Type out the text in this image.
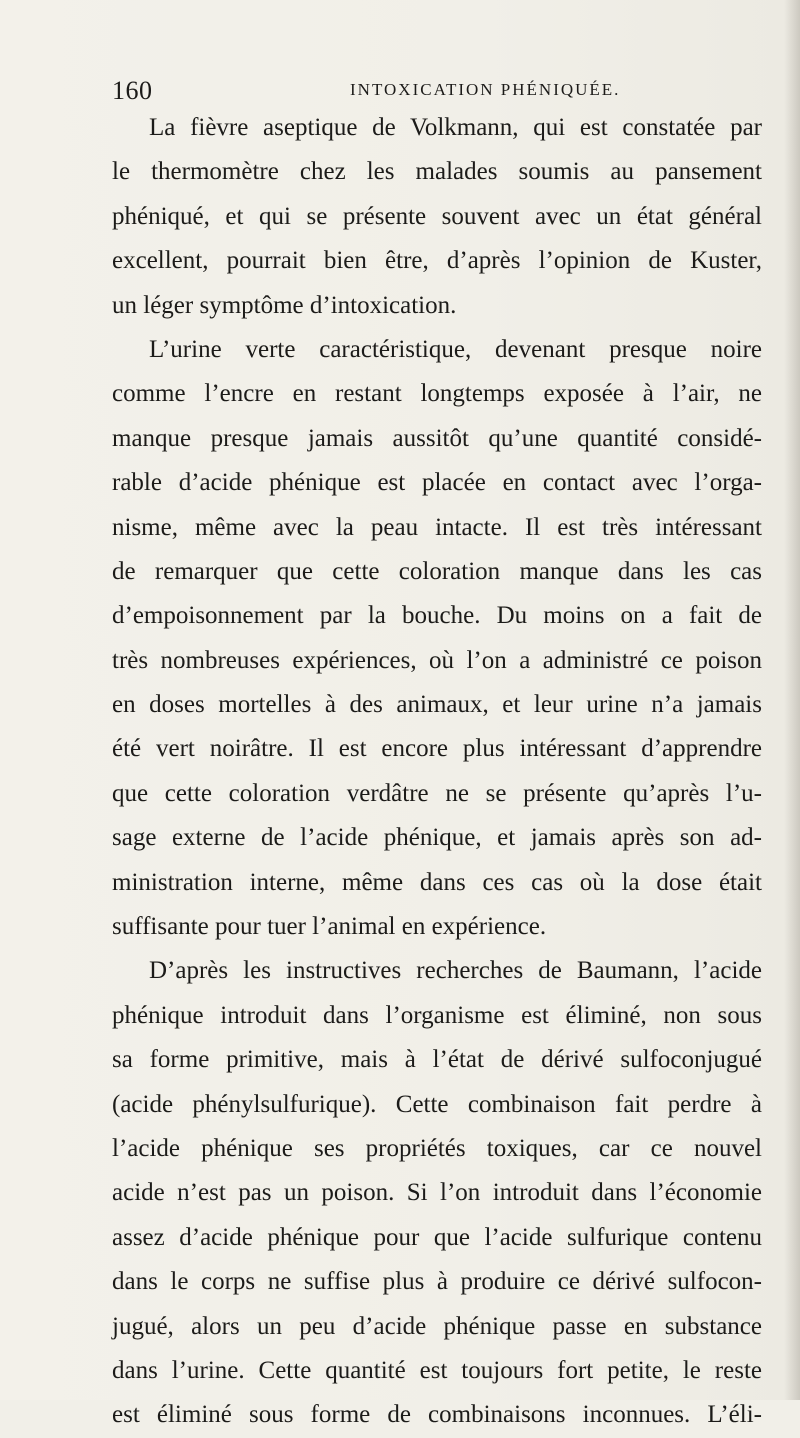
160	INTOXICATION PHÉNIQUÉE.
La fièvre aseptique de Volkmann, qui est constatée par
le thermomètre chez les malades soumis au pansement
phéniqué, et qui se présente souvent avec un état général
excellent, pourrait bien être, d’après l’opinion de Kuster,
un léger symptôme d’intoxication.
L’urine verte caractéristique, devenant presque noire
comme l’encre en restant longtemps exposée à l’air, ne
manque presque jamais aussitôt qu’une quantité considé-
rable d’acide phénique est placée en contact avec l’orga-
nisme, même avec la peau intacte. Il est très intéressant
de remarquer que cette coloration manque dans les cas
d’empoisonnement par la bouche. Du moins on a fait de
très nombreuses expériences, où l’on a administré ce poison
en doses mortelles à des animaux, et leur urine n’a jamais
été vert noirâtre. Il est encore plus intéressant d’apprendre
que cette coloration verdâtre ne se présente qu’après l’u-
sage externe de l’acide phénique, et jamais après son ad-
ministration interne, même dans ces cas où la dose était
suffisante pour tuer l’animal en expérience.
D’après les instructives recherches de Baumann, l’acide
phénique introduit dans l’organisme est éliminé, non sous
sa forme primitive, mais à l’état de dérivé sulfoconjugué
(acide phénylsulfurique). Cette combinaison fait perdre à
l’acide phénique ses propriétés toxiques, car ce nouvel
acide n’est pas un poison. Si l’on introduit dans l’économie
assez d’acide phénique pour que l’acide sulfurique contenu
dans le corps ne suffise plus à produire ce dérivé sulfocon-
jugué, alors un peu d’acide phénique passe en substance
dans l’urine. Cette quantité est toujours fort petite, le reste
est éliminé sous forme de combinaisons inconnues. L’éli-
